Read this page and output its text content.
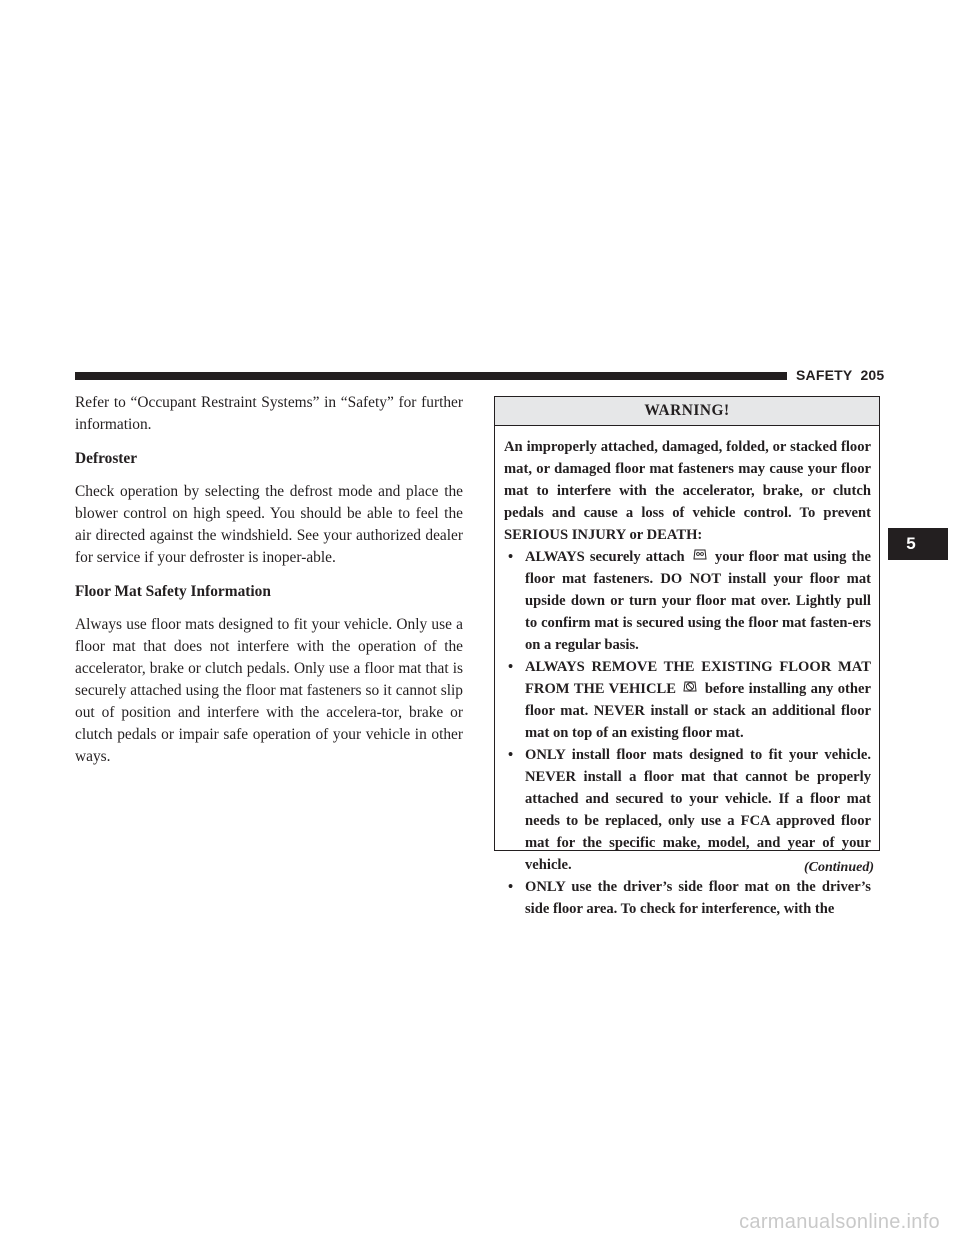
SAFETY 205
5

Refer to “Occupant Restraint Systems” in “Safety” for further information.

Defroster

Check operation by selecting the defrost mode and place the blower control on high speed. You should be able to feel the air directed against the windshield. See your authorized dealer for service if your defroster is inoper-able.

Floor Mat Safety Information

Always use floor mats designed to fit your vehicle. Only use a floor mat that does not interfere with the operation of the accelerator, brake or clutch pedals. Only use a floor mat that is securely attached using the floor mat fasteners so it cannot slip out of position and interfere with the accelera-tor, brake or clutch pedals or impair safe operation of your vehicle in other ways.

WARNING!

An improperly attached, damaged, folded, or stacked floor mat, or damaged floor mat fasteners may cause your floor mat to interfere with the accelerator, brake, or clutch pedals and cause a loss of vehicle control. To prevent SERIOUS INJURY or DEATH:

• ALWAYS securely attach your floor mat using the floor mat fasteners. DO NOT install your floor mat upside down or turn your floor mat over. Lightly pull to confirm mat is secured using the floor mat fasten-ers on a regular basis.
• ALWAYS REMOVE THE EXISTING FLOOR MAT FROM THE VEHICLE before installing any other floor mat. NEVER install or stack an additional floor mat on top of an existing floor mat.
• ONLY install floor mats designed to fit your vehicle. NEVER install a floor mat that cannot be properly attached and secured to your vehicle. If a floor mat needs to be replaced, only use a FCA approved floor mat for the specific make, model, and year of your vehicle.
• ONLY use the driver’s side floor mat on the driver’s side floor area. To check for interference, with the
(Continued)
carmanualsonline.info
